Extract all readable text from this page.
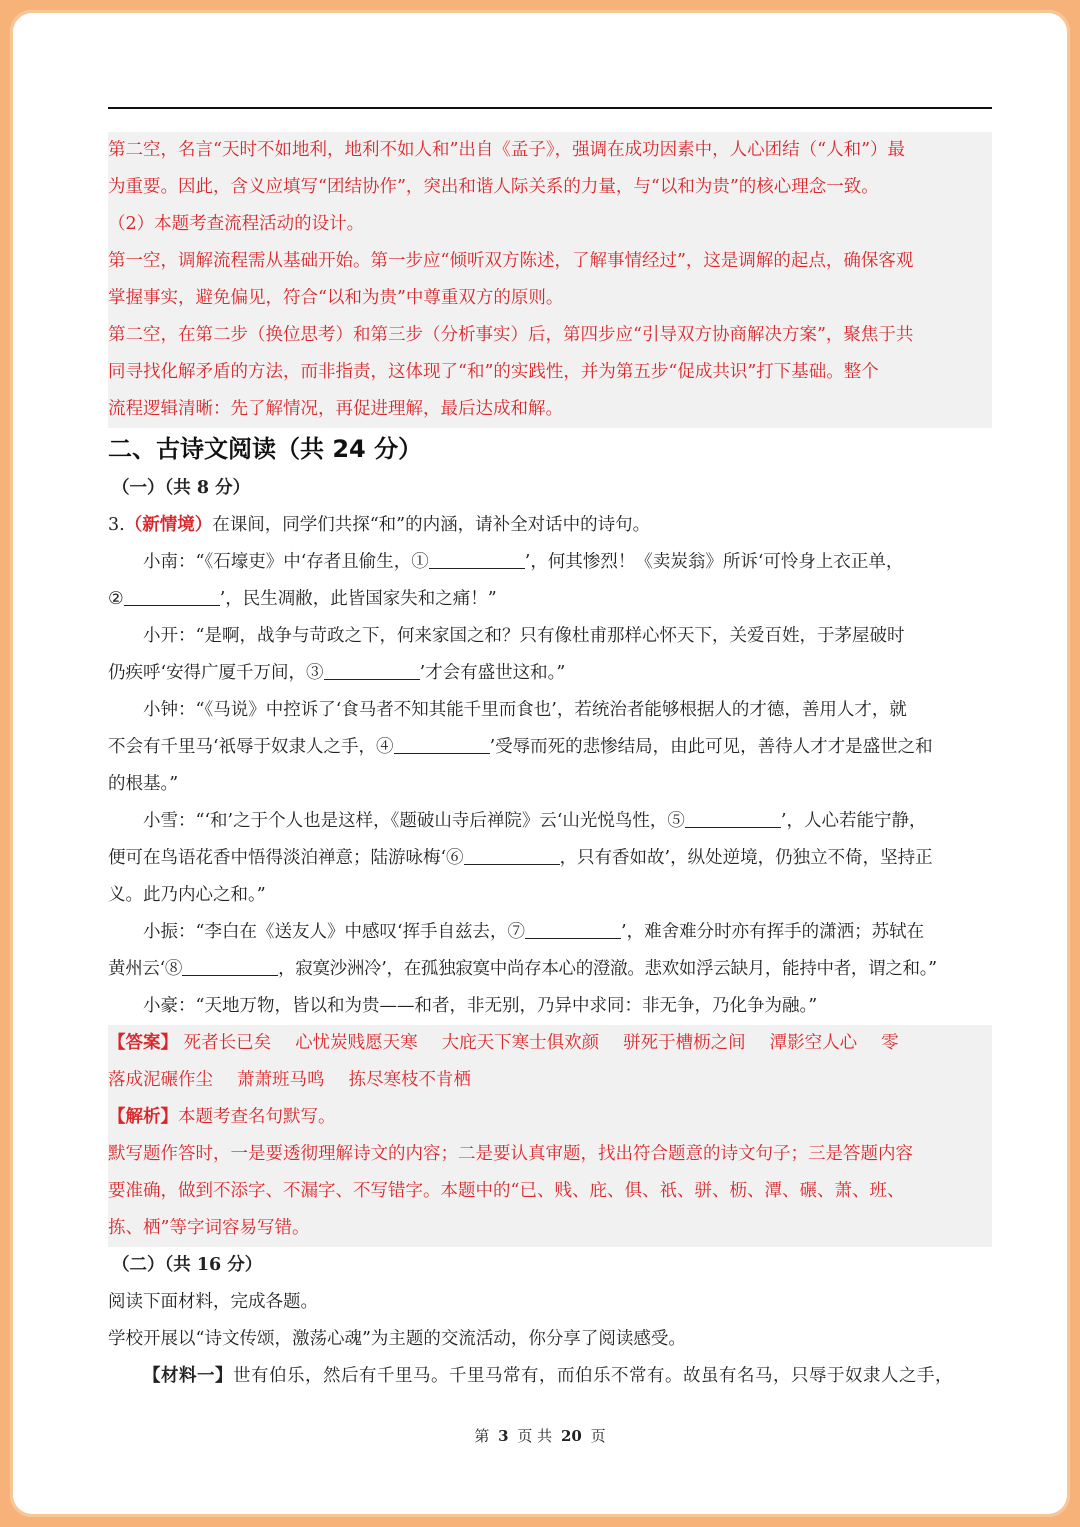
第二空，名言“天时不如地利，地利不如人和”出自《孟子》，强调在成功因素中，人心团结（“人和”）最

为重要。因此，含义应填写“团结协作”，突出和谐人际关系的力量，与“以和为贵”的核心理念一致。

（2）本题考查流程活动的设计。

第一空，调解流程需从基础开始。第一步应“倾听双方陈述，了解事情经过”，这是调解的起点，确保客观

掌握事实，避免偏见，符合“以和为贵”中尊重双方的原则。

第二空，在第二步（换位思考）和第三步（分析事实）后，第四步应“引导双方协商解决方案”，聚焦于共

同寻找化解矛盾的方法，而非指责，这体现了“和”的实践性，并为第五步“促成共识”打下基础。整个

流程逻辑清晰：先了解情况，再促进理解，最后达成和解。

二、古诗文阅读（共 24 分）

（一）（共 8 分）

3.（新情境）在课间，同学们共探“和”的内涵，请补全对话中的诗句。

小南：“《石壕吏》中‘存者且偷生，①	’，何其惨烈！《卖炭翁》所诉‘可怜身上衣正单，

②	’，民生凋敝，此皆国家失和之痛！”

小开：“是啊，战争与苛政之下，何来家国之和？只有像杜甫那样心怀天下，关爱百姓，于茅屋破时

仍疾呼‘安得广厦千万间，③	’才会有盛世这和。”

小钟：“《马说》中控诉了‘食马者不知其能千里而食也’，若统治者能够根据人的才德，善用人才，就

不会有千里马‘祇辱于奴隶人之手，④	’受辱而死的悲惨结局，由此可见，善待人才才是盛世之和

的根基。”

小雪：“‘和’之于个人也是这样，《题破山寺后禅院》云‘山光悦鸟性，⑤	’，人心若能宁静，

便可在鸟语花香中悟得淡泊禅意；陆游咏梅‘⑥	，只有香如故’，纵处逆境，仍独立不倚，坚持正

义。此乃内心之和。”

小振：“李白在《送友人》中感叹‘挥手自兹去，⑦	’，难舍难分时亦有挥手的潇洒；苏轼在

黄州云‘⑧	，寂寞沙洲冷’，在孤独寂寞中尚存本心的澄澈。悲欢如浮云缺月，能持中者，谓之和。”

小豪：“天地万物，皆以和为贵——和者，非无别，乃异中求同：非无争，乃化争为融。”

【答案】 死者长已矣 心忧炭贱愿天寒 大庇天下寒士俱欢颜 骈死于槽枥之间 潭影空人心 零

落成泥碾作尘 萧萧班马鸣 拣尽寒枝不肯栖

【解析】本题考查名句默写。

默写题作答时，一是要透彻理解诗文的内容；二是要认真审题，找出符合题意的诗文句子；三是答题内容

要准确，做到不添字、不漏字、不写错字。本题中的“已、贱、庇、俱、祇、骈、枥、潭、碾、萧、班、

拣、栖”等字词容易写错。

（二）（共 16 分）

阅读下面材料，完成各题。

学校开展以“诗文传颂，激荡心魂”为主题的交流活动，你分享了阅读感受。

【材料一】世有伯乐，然后有千里马。千里马常有，而伯乐不常有。故虽有名马，只辱于奴隶人之手，

第 3 页 共 20 页
